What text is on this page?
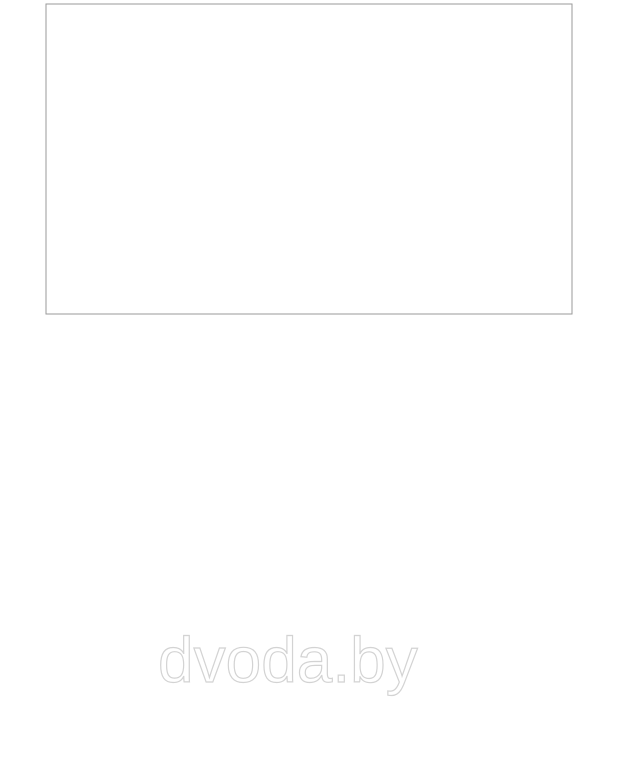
dvoda.by
